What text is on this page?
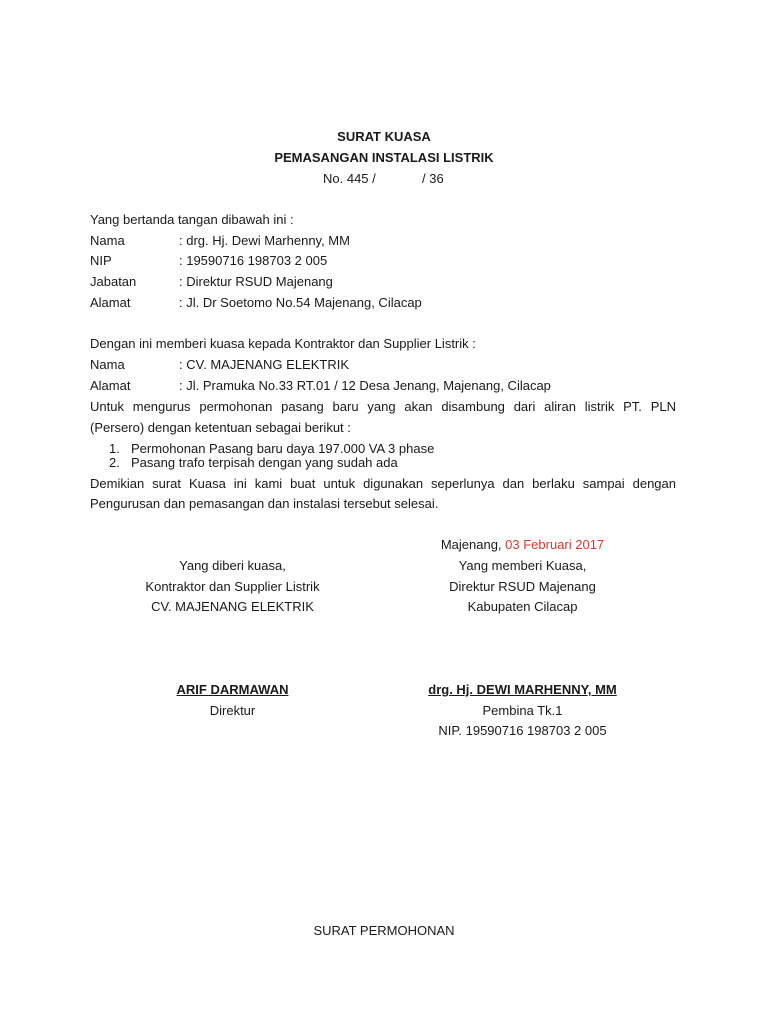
SURAT KUASA
PEMASANGAN INSTALASI LISTRIK
No. 445 /	/ 36
Yang bertanda tangan dibawah ini :
Nama	: drg. Hj. Dewi Marhenny, MM
NIP	: 19590716 198703 2 005
Jabatan	: Direktur RSUD Majenang
Alamat	: Jl. Dr Soetomo No.54 Majenang, Cilacap
Dengan ini memberi kuasa kepada Kontraktor dan Supplier Listrik :
Nama	: CV. MAJENANG ELEKTRIK
Alamat	: Jl. Pramuka No.33 RT.01 / 12 Desa Jenang, Majenang, Cilacap
Untuk mengurus permohonan pasang baru yang akan disambung dari aliran listrik PT. PLN
(Persero) dengan ketentuan sebagai berikut :
1. Permohonan Pasang baru daya 197.000 VA 3 phase
2. Pasang trafo terpisah dengan yang sudah ada
Demikian surat Kuasa ini kami buat untuk digunakan seperlunya dan berlaku sampai dengan
Pengurusan dan pemasangan dan instalasi tersebut selesai.
Majenang, 03 Februari 2017
Yang diberi kuasa,
Kontraktor dan Supplier Listrik
CV. MAJENANG ELEKTRIK
ARIF DARMAWAN
Direktur
Yang memberi Kuasa,
Direktur RSUD Majenang
Kabupaten Cilacap
drg. Hj. DEWI MARHENNY, MM
Pembina Tk.1
NIP. 19590716 198703 2 005
SURAT PERMOHONAN
